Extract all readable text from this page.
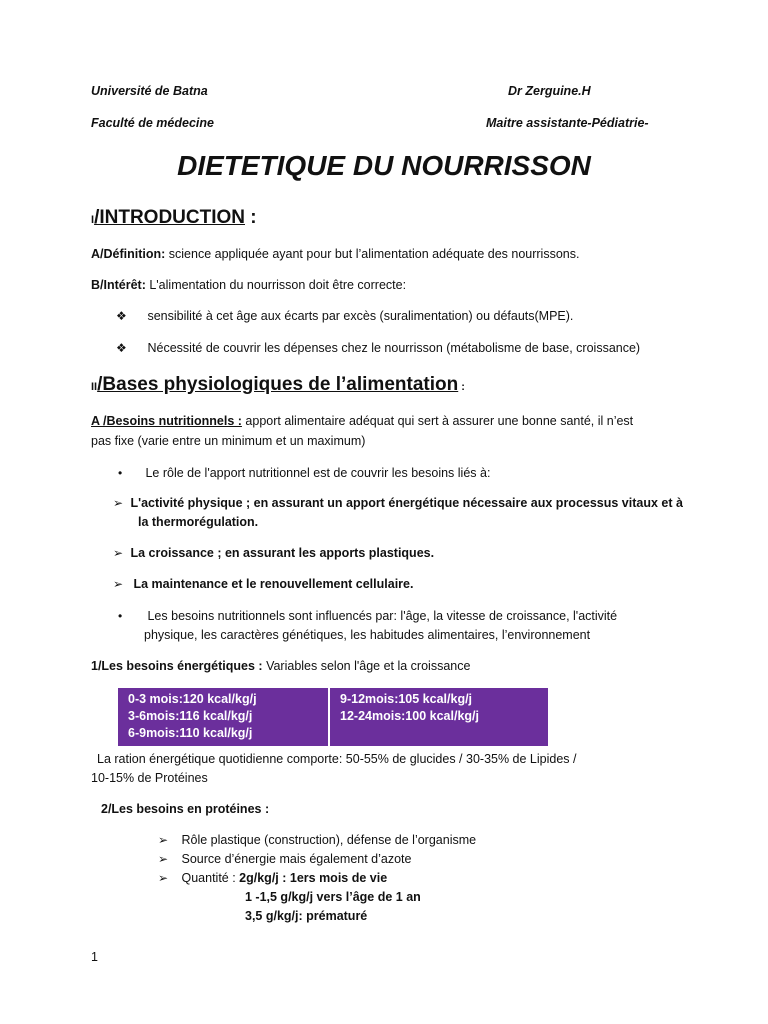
Université de Batna	Dr Zerguine.H
Faculté de médecine	Maitre assistante-Pédiatrie-
DIETETIQUE DU NOURRISSON
I/INTRODUCTION :
A/Définition: science appliquée ayant pour but l’alimentation adéquate des nourrissons.
B/Intérêt: L'alimentation du nourrisson doit être correcte:
❖ sensibilité à cet âge aux écarts par excès (suralimentation) ou défauts(MPE).
❖ Nécessité de couvrir les dépenses chez le nourrisson (métabolisme de base, croissance)
II/Bases physiologiques de l’alimentation :
A /Besoins nutritionnels : apport alimentaire adéquat qui sert à assurer une bonne santé, il n’est
pas fixe (varie entre un minimum et un maximum)
• Le rôle de l'apport nutritionnel est de couvrir les besoins liés à:
➢ L'activité physique ; en assurant un apport énergétique nécessaire aux processus vitaux et à
la thermorégulation.
➢ La croissance ; en assurant les apports plastiques.
➢ La maintenance et le renouvellement cellulaire.
• Les besoins nutritionnels sont influencés par: l'âge, la vitesse de croissance, l'activité
physique, les caractères génétiques, les habitudes alimentaires, l’environnement
1/Les besoins énergétiques : Variables selon l'âge et la croissance
0-3 mois:120 kcal/kg/j
3-6mois:116 kcal/kg/j
6-9mois:110 kcal/kg/j
9-12mois:105 kcal/kg/j
12-24mois:100 kcal/kg/j
La ration énergétique quotidienne comporte: 50-55% de glucides / 30-35% de Lipides /
10-15% de Protéines
2/Les besoins en protéines :
➢ Rôle plastique (construction), défense de l’organisme
➢ Source d’énergie mais également d’azote
➢ Quantité : 2g/kg/j : 1ers mois de vie
1 -1,5 g/kg/j vers l’âge de 1 an
3,5 g/kg/j: prématuré
1
